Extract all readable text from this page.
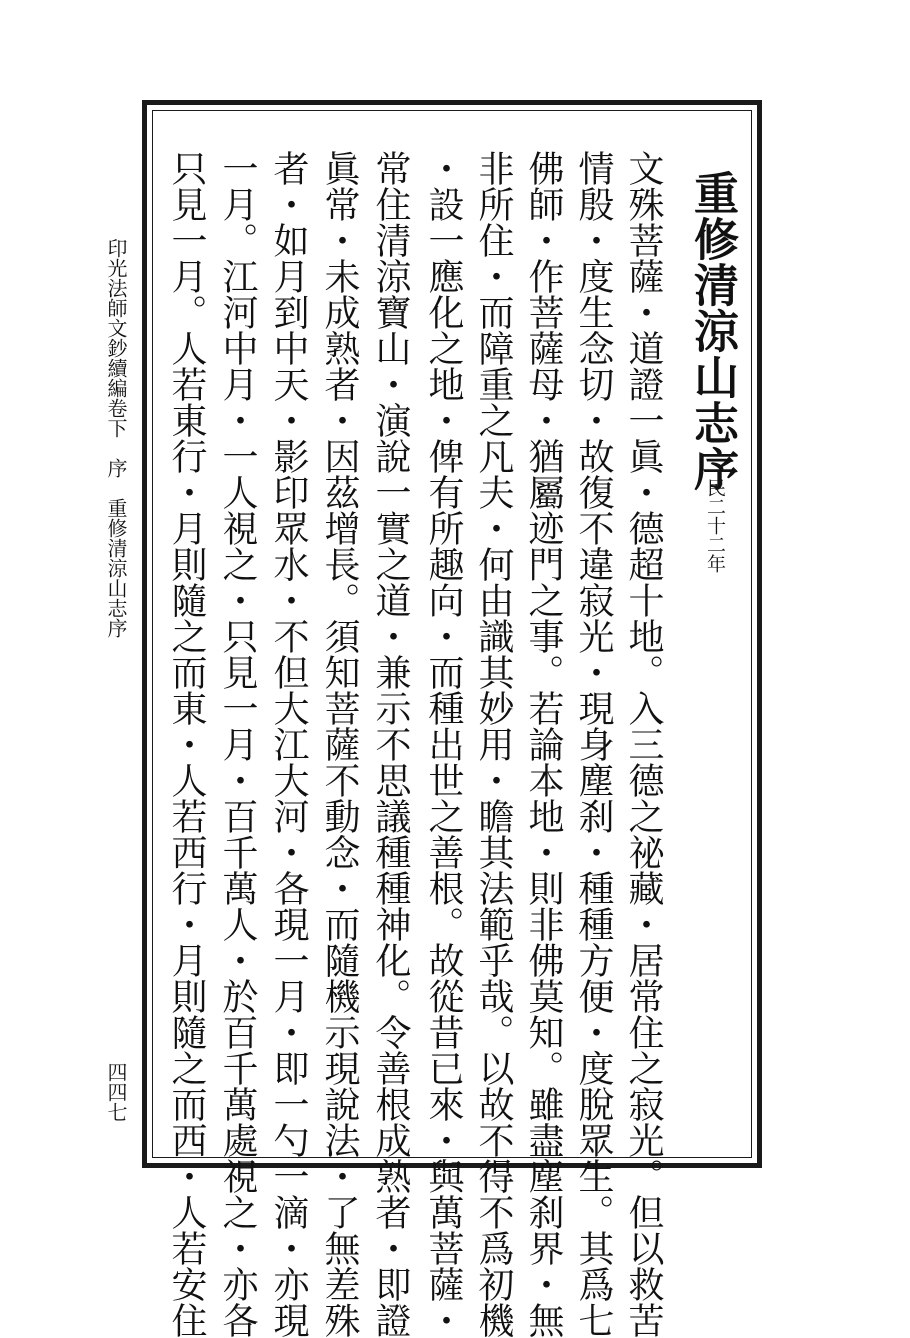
重修清涼山志序
民二十二年
文殊菩薩・道證一眞・德超十地。入三德之祕藏・居常住之寂光。但以救苦
情殷・度生念切・故復不違寂光・現身塵刹・種種方便・度脫眾生。其爲七
佛師・作菩薩母・猶屬迹門之事。若論本地・則非佛莫知。雖盡塵刹界・無
非所住・而障重之凡夫・何由識其妙用・瞻其法範乎哉。以故不得不爲初機
・設一應化之地・俾有所趣向・而種出世之善根。故從昔已來・與萬菩薩・
常住清涼寶山・演說一實之道・兼示不思議種種神化。令善根成熟者・即證
眞常・未成熟者・因茲增長。須知菩薩不動念・而隨機示現說法・了無差殊
者・如月到中天・影印眾水・不但大江大河・各現一月・即一勺一滴・亦現
一月。江河中月・一人視之・只見一月・百千萬人・於百千萬處視之・亦各
只見一月。人若東行・月則隨之而東・人若西行・月則隨之而西・人若安住
印光法師文鈔續編卷下　序　重修清涼山志序
四四七
